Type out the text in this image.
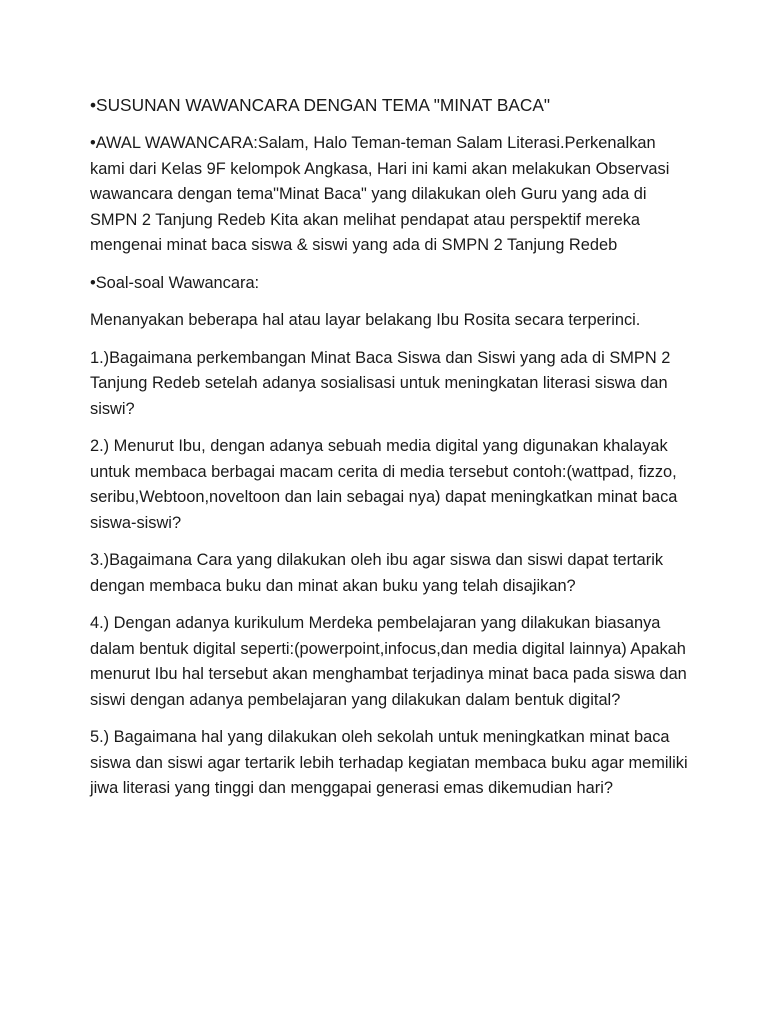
•SUSUNAN WAWANCARA DENGAN TEMA "MINAT BACA"

•AWAL WAWANCARA:Salam, Halo Teman-teman Salam Literasi.Perkenalkan kami dari Kelas 9F kelompok Angkasa, Hari ini kami akan melakukan Observasi wawancara dengan tema"Minat Baca" yang dilakukan oleh Guru yang ada di SMPN 2 Tanjung Redeb Kita akan melihat pendapat atau perspektif mereka mengenai minat baca siswa & siswi yang ada di SMPN 2 Tanjung Redeb

•Soal-soal Wawancara:

Menanyakan beberapa hal atau layar belakang Ibu Rosita secara terperinci.

1.)Bagaimana perkembangan Minat Baca Siswa dan Siswi yang ada di SMPN 2 Tanjung Redeb setelah adanya sosialisasi untuk meningkatan literasi siswa dan siswi?

2.) Menurut Ibu, dengan adanya sebuah media digital yang digunakan khalayak untuk membaca berbagai macam cerita di media tersebut contoh:(wattpad, fizzo, seribu,Webtoon,noveltoon dan lain sebagai nya) dapat meningkatkan minat baca siswa-siswi?

3.)Bagaimana Cara yang dilakukan oleh ibu agar siswa dan siswi dapat tertarik dengan membaca buku dan minat akan buku yang telah disajikan?

4.) Dengan adanya kurikulum Merdeka pembelajaran yang dilakukan biasanya dalam bentuk digital seperti:(powerpoint,infocus,dan media digital lainnya) Apakah menurut Ibu hal tersebut akan menghambat terjadinya minat baca pada siswa dan siswi dengan adanya pembelajaran yang dilakukan dalam bentuk digital?

5.) Bagaimana hal yang dilakukan oleh sekolah untuk meningkatkan minat baca siswa dan siswi agar tertarik lebih terhadap kegiatan membaca buku agar memiliki jiwa literasi yang tinggi dan menggapai generasi emas dikemudian hari?
